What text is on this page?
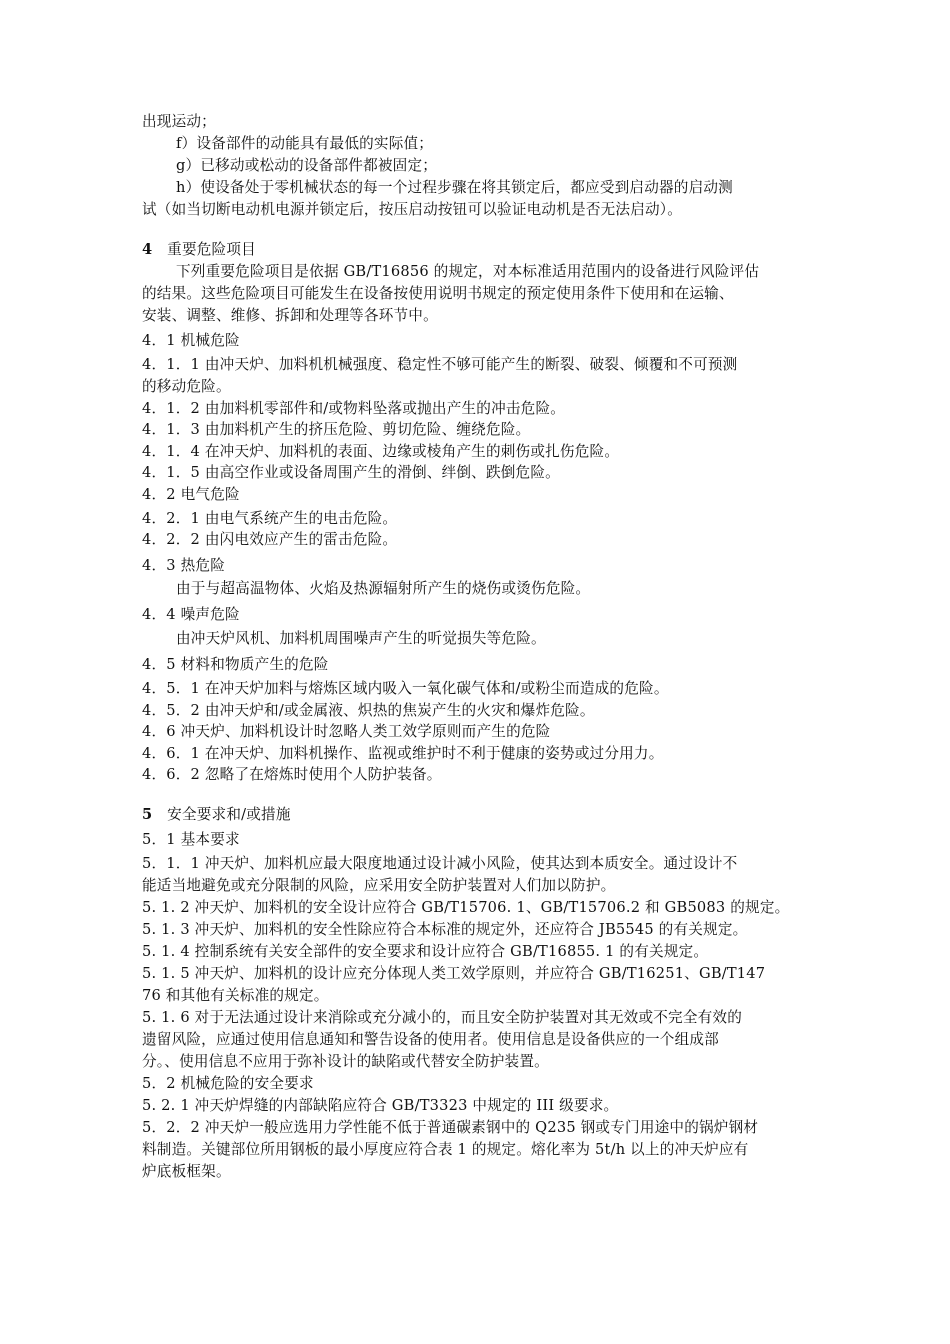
出现运动；
f）设备部件的动能具有最低的实际值；
g）已移动或松动的设备部件都被固定；
h）使设备处于零机械状态的每一个过程步骤在将其锁定后，都应受到启动器的启动测
试（如当切断电动机电源并锁定后，按压启动按钮可以验证电动机是否无法启动）。
4　重要危险项目
下列重要危险项目是依据 GB/T16856 的规定，对本标准适用范围内的设备进行风险评估
的结果。这些危险项目可能发生在设备按使用说明书规定的预定使用条件下使用和在运输、
安装、调整、维修、拆卸和处理等各环节中。
4．1 机械危险
4．1．1 由冲天炉、加料机机械强度、稳定性不够可能产生的断裂、破裂、倾覆和不可预测
的移动危险。
4．1．2 由加料机零部件和/或物料坠落或抛出产生的冲击危险。
4．1．3 由加料机产生的挤压危险、剪切危险、缠绕危险。
4．1．4 在冲天炉、加料机的表面、边缘或棱角产生的刺伤或扎伤危险。
4．1．5 由高空作业或设备周围产生的滑倒、绊倒、跌倒危险。
4．2 电气危险
4．2．1 由电气系统产生的电击危险。
4．2．2 由闪电效应产生的雷击危险。
4．3 热危险
由于与超高温物体、火焰及热源辐射所产生的烧伤或烫伤危险。
4．4 噪声危险
由冲天炉风机、加料机周围噪声产生的听觉损失等危险。
4．5 材料和物质产生的危险
4．5．1 在冲天炉加料与熔炼区域内吸入一氧化碳气体和/或粉尘而造成的危险。
4．5．2 由冲天炉和/或金属液、炽热的焦炭产生的火灾和爆炸危险。
4．6 冲天炉、加料机设计时忽略人类工效学原则而产生的危险
4．6．1 在冲天炉、加料机操作、监视或维护时不利于健康的姿势或过分用力。
4．6．2 忽略了在熔炼时使用个人防护装备。
5　安全要求和/或措施
5．1 基本要求
5．1．1 冲天炉、加料机应最大限度地通过设计减小风险，使其达到本质安全。通过设计不
能适当地避免或充分限制的风险，应采用安全防护装置对人们加以防护。
5. 1. 2 冲天炉、加料机的安全设计应符合 GB/T15706. 1、GB/T15706.2 和 GB5083 的规定。
5. 1. 3 冲天炉、加料机的安全性除应符合本标准的规定外，还应符合 JB5545 的有关规定。
5. 1. 4 控制系统有关安全部件的安全要求和设计应符合 GB/T16855. 1 的有关规定。
5. 1. 5 冲天炉、加料机的设计应充分体现人类工效学原则，并应符合 GB/T16251、GB/T147
76 和其他有关标准的规定。
5. 1. 6 对于无法通过设计来消除或充分减小的，而且安全防护装置对其无效或不完全有效的
遗留风险，应通过使用信息通知和警告设备的使用者。使用信息是设备供应的一个组成部
分。、使用信息不应用于弥补设计的缺陷或代替安全防护装置。
5．2 机械危险的安全要求
5. 2. 1 冲天炉焊缝的内部缺陷应符合 GB/T3323 中规定的 III 级要求。
5．2．2 冲天炉一般应选用力学性能不低于普通碳素钢中的 Q235 钢或专门用途中的锅炉钢材
料制造。关键部位所用钢板的最小厚度应符合表 1 的规定。熔化率为 5t/h 以上的冲天炉应有
炉底板框架。
